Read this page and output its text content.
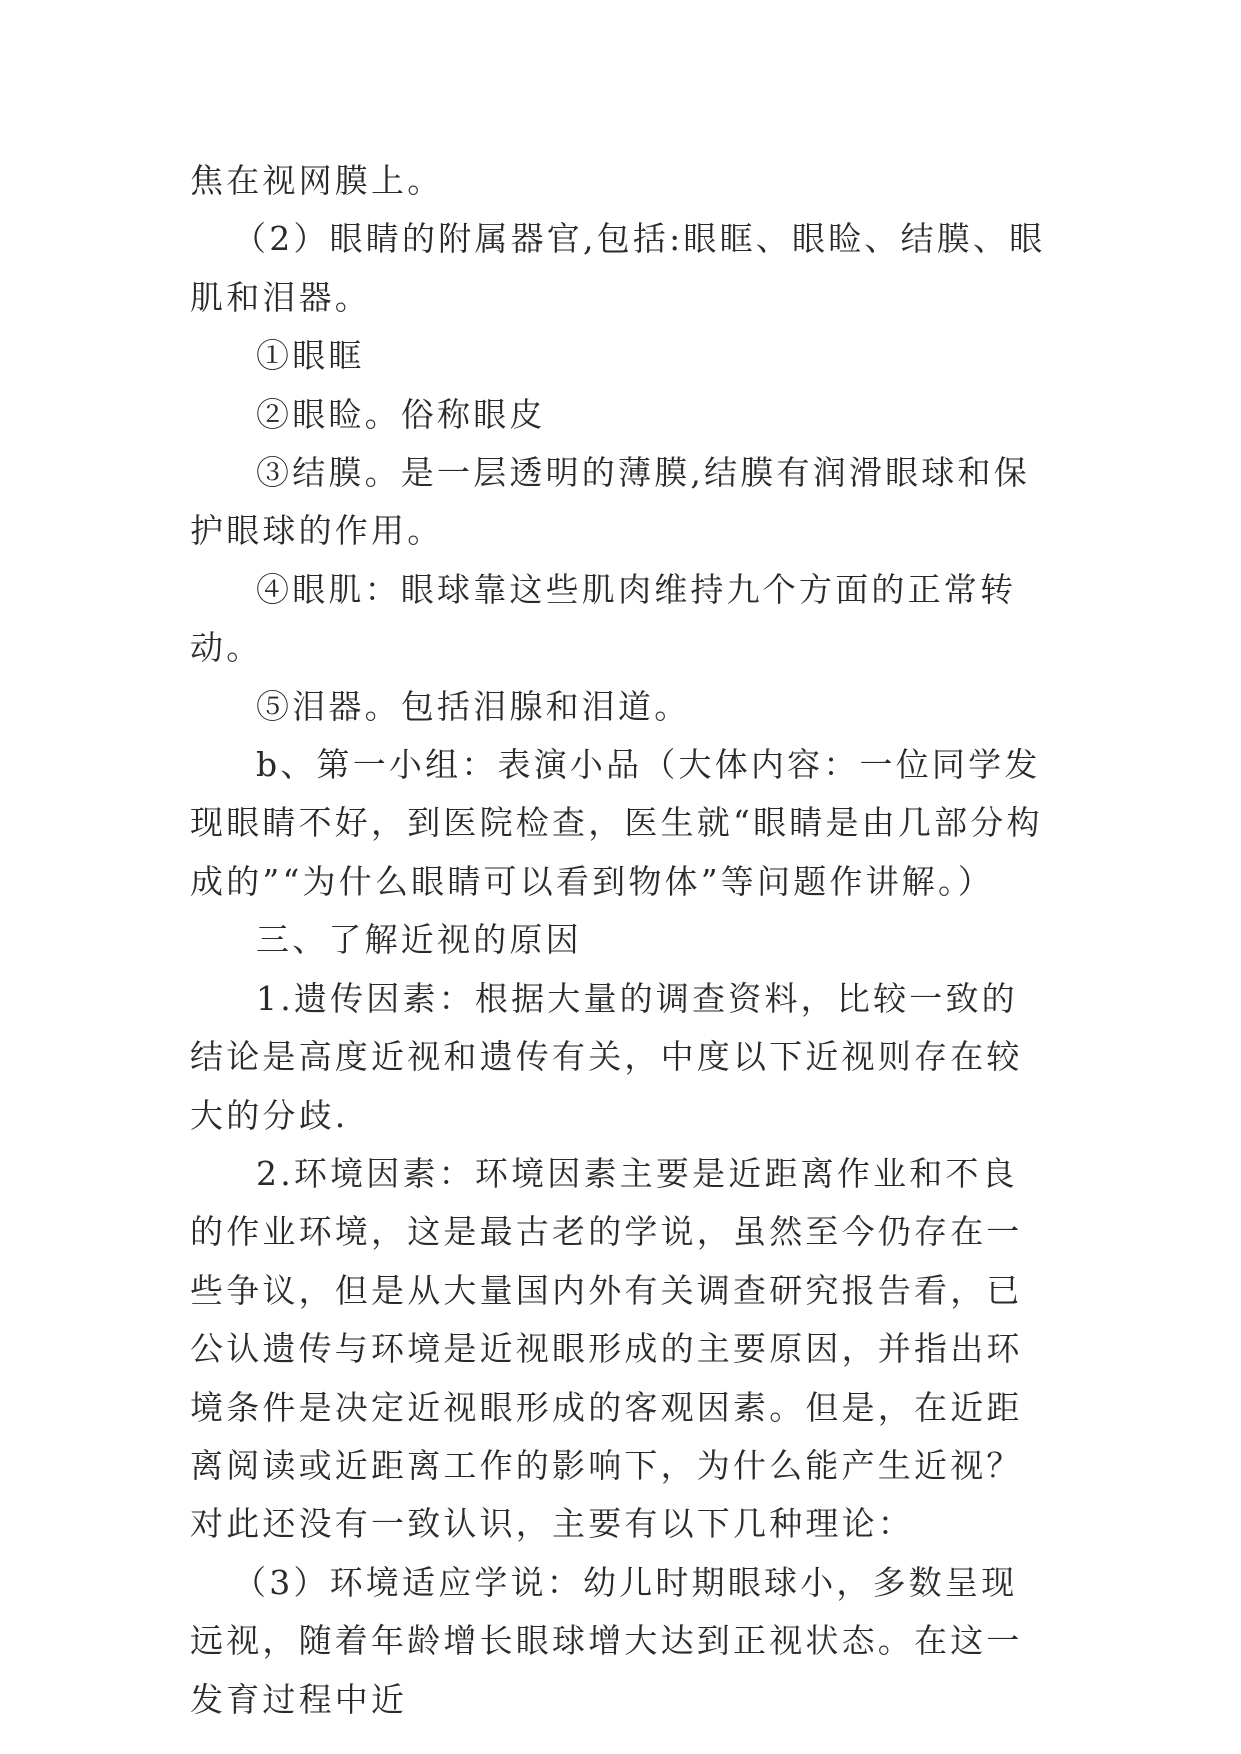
焦在视网膜上。

（2）眼睛的附属器官,包括:眼眶、眼睑、结膜、眼肌和泪器。

①眼眶

②眼睑。俗称眼皮

③结膜。是一层透明的薄膜,结膜有润滑眼球和保护眼球的作用。

④眼肌：眼球靠这些肌肉维持九个方面的正常转动。

⑤泪器。包括泪腺和泪道。

b、第一小组：表演小品（大体内容：一位同学发现眼睛不好，到医院检查，医生就“眼睛是由几部分构成的”“为什么眼睛可以看到物体”等问题作讲解。）

三、了解近视的原因

1.遗传因素：根据大量的调查资料，比较一致的结论是高度近视和遗传有关，中度以下近视则存在较大的分歧.

2.环境因素：环境因素主要是近距离作业和不良的作业环境，这是最古老的学说，虽然至今仍存在一些争议，但是从大量国内外有关调查研究报告看，已公认遗传与环境是近视眼形成的主要原因，并指出环境条件是决定近视眼形成的客观因素。但是，在近距离阅读或近距离工作的影响下，为什么能产生近视？对此还没有一致认识，主要有以下几种理论：

（3）环境适应学说：幼儿时期眼球小，多数呈现远视，随着年龄增长眼球增大达到正视状态。在这一发育过程中近
